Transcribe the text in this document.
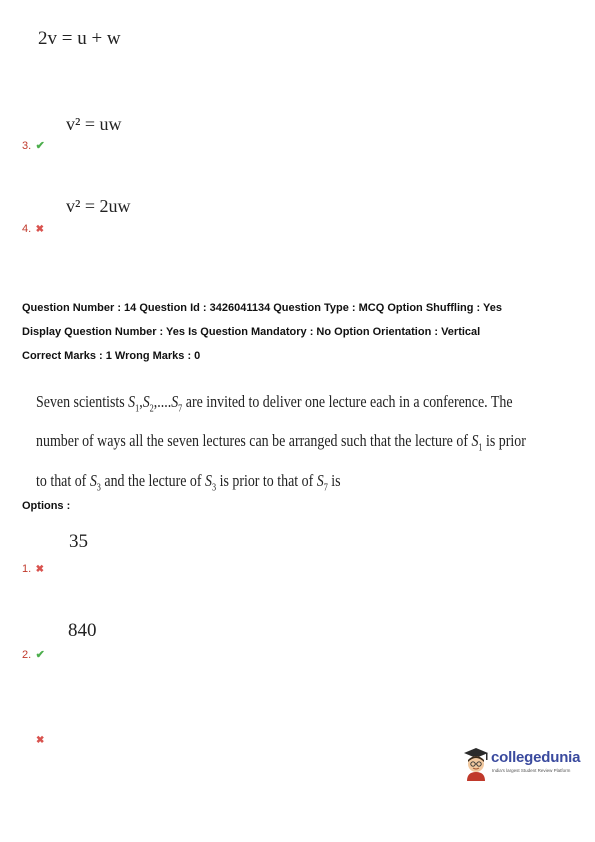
2v = u + w
v² = uw
3. ✔
v² = 2uw
4. ✖
Question Number : 14 Question Id : 3426041134 Question Type : MCQ Option Shuffling : Yes
Display Question Number : Yes Is Question Mandatory : No Option Orientation : Vertical
Correct Marks : 1 Wrong Marks : 0
Seven scientists $S_1,S_2,....S_7$ are invited to deliver one lecture each in a conference. The
number of ways all the seven lectures can be arranged such that the lecture of $S_1$ is prior
to that of $S_3$ and the lecture of $S_3$ is prior to that of $S_7$ is
Options :
35
1. ✖
840
2. ✔
✖
collegedunia
India's largest Student Review Platform
